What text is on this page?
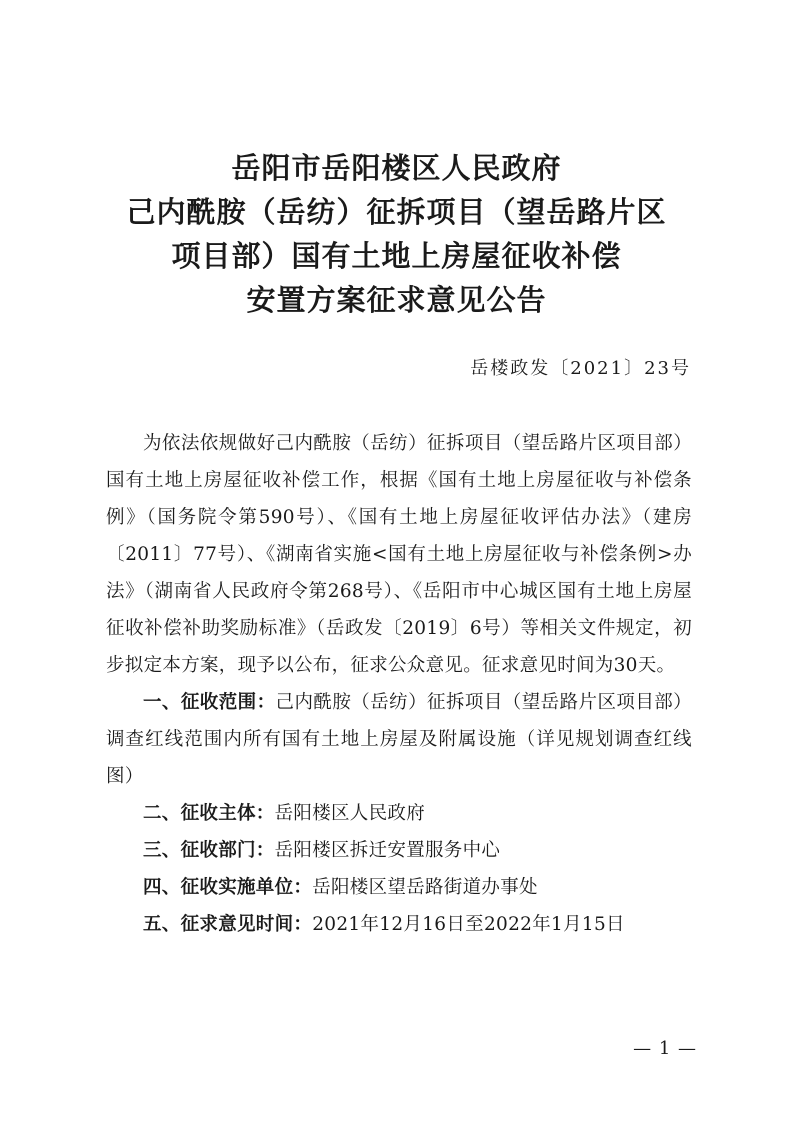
岳阳市岳阳楼区人民政府
己内酰胺（岳纺）征拆项目（望岳路片区
项目部）国有土地上房屋征收补偿
安置方案征求意见公告
岳楼政发〔2021〕23号

为依法依规做好己内酰胺（岳纺）征拆项目（望岳路片区项目部）国有土地上房屋征收补偿工作，根据《国有土地上房屋征收与补偿条例》（国务院令第590号）、《国有土地上房屋征收评估办法》（建房〔2011〕77号）、《湖南省实施<国有土地上房屋征收与补偿条例>办法》（湖南省人民政府令第268号）、《岳阳市中心城区国有土地上房屋征收补偿补助奖励标准》（岳政发〔2019〕6号）等相关文件规定，初步拟定本方案，现予以公布，征求公众意见。征求意见时间为30天。

一、征收范围：己内酰胺（岳纺）征拆项目（望岳路片区项目部）调查红线范围内所有国有土地上房屋及附属设施（详见规划调查红线图）

二、征收主体：岳阳楼区人民政府

三、征收部门：岳阳楼区拆迁安置服务中心

四、征收实施单位：岳阳楼区望岳路街道办事处

五、征求意见时间：2021年12月16日至2022年1月15日

— 1 —
